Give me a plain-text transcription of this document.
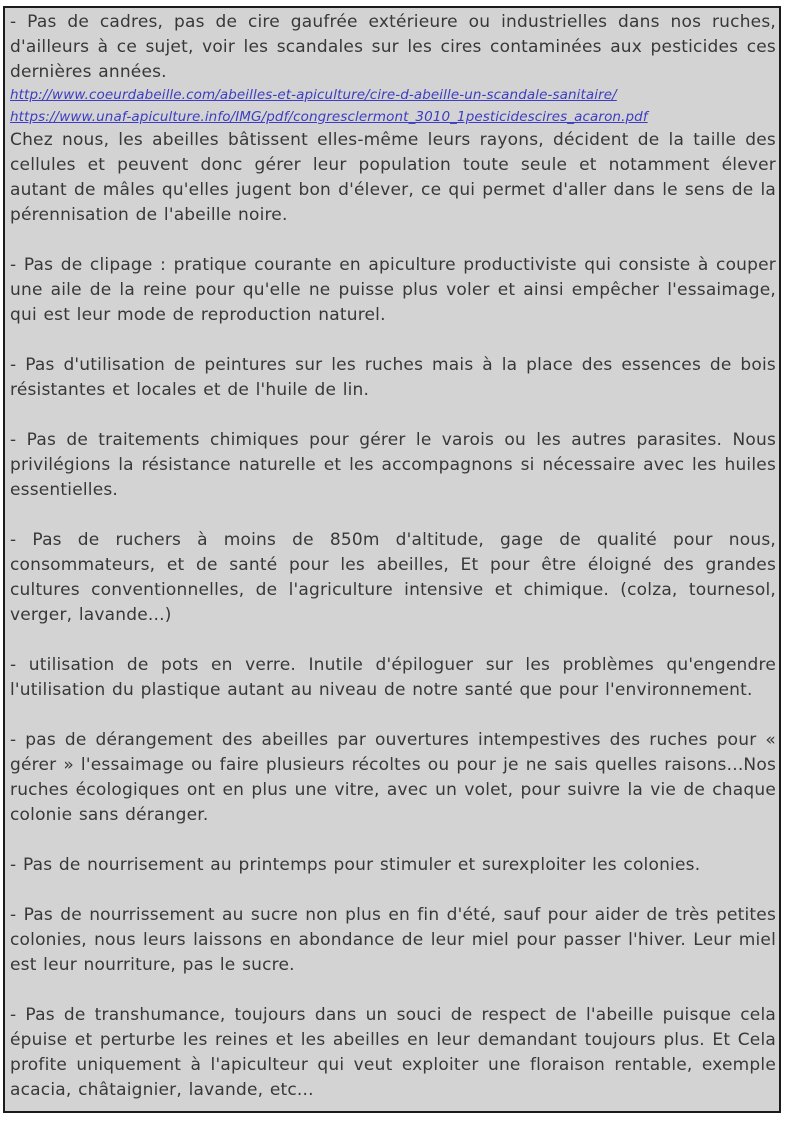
- Pas de cadres, pas de cire gaufrée extérieure ou industrielles dans nos ruches, d'ailleurs à ce sujet, voir les scandales sur les cires contaminées aux pesticides ces dernières années.

http://www.coeurdabeille.com/abeilles-et-apiculture/cire-d-abeille-un-scandale-sanitaire/
https://www.unaf-apiculture.info/IMG/pdf/congresclermont_3010_1pesticidescires_acaron.pdf

Chez nous, les abeilles bâtissent elles-même leurs rayons, décident de la taille des cellules et peuvent donc gérer leur population toute seule et notamment élever autant de mâles qu'elles jugent bon d'élever, ce qui permet d'aller dans le sens de la pérennisation de l'abeille noire.

- Pas de clipage : pratique courante en apiculture productiviste qui consiste à couper une aile de la reine pour qu'elle ne puisse plus voler et ainsi empêcher l'essaimage, qui est leur mode de reproduction naturel.

- Pas d'utilisation de peintures sur les ruches mais à la place des essences de bois résistantes et locales et de l'huile de lin.

- Pas de traitements chimiques pour gérer le varois ou les autres parasites. Nous privilégions la résistance naturelle et les accompagnons si nécessaire avec les huiles essentielles.

- Pas de ruchers à moins de 850m d'altitude, gage de qualité pour nous, consommateurs, et de santé pour les abeilles, Et pour être éloigné des grandes cultures conventionnelles, de l'agriculture intensive et chimique. (colza, tournesol, verger, lavande...)

- utilisation de pots en verre. Inutile d'épiloguer sur les problèmes qu'engendre l'utilisation du plastique autant au niveau de notre santé que pour l'environnement.

- pas de dérangement des abeilles par ouvertures intempestives des ruches pour « gérer » l'essaimage ou faire plusieurs récoltes ou pour je ne sais quelles raisons...Nos ruches écologiques ont en plus une vitre, avec un volet, pour suivre la vie de chaque colonie sans déranger.

- Pas de nourrisement au printemps pour stimuler et surexploiter les colonies.

- Pas de nourrissement au sucre non plus en fin d'été, sauf pour aider de très petites colonies, nous leurs laissons en abondance de leur miel pour passer l'hiver. Leur miel est leur nourriture, pas le sucre.

- Pas de transhumance, toujours dans un souci de respect de l'abeille puisque cela épuise et perturbe les reines et les abeilles en leur demandant toujours plus. Et Cela profite uniquement à l'apiculteur qui veut exploiter une floraison rentable, exemple acacia, châtaignier, lavande, etc...
